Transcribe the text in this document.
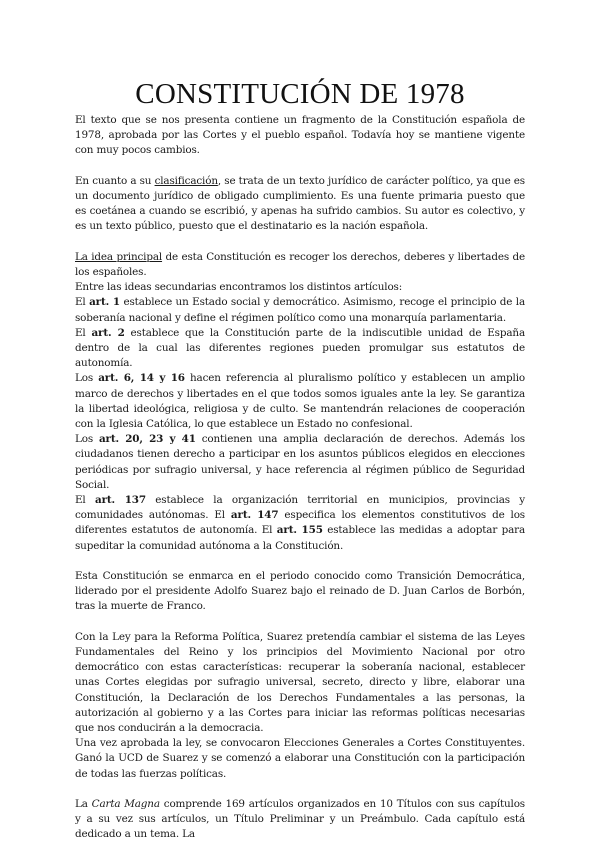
CONSTITUCIÓN DE 1978

El texto que se nos presenta contiene un fragmento de la Constitución española de 1978, aprobada por las Cortes y el pueblo español. Todavía hoy se mantiene vigente con muy pocos cambios.

En cuanto a su clasificación, se trata de un texto jurídico de carácter político, ya que es un documento jurídico de obligado cumplimiento. Es una fuente primaria puesto que es coetánea a cuando se escribió, y apenas ha sufrido cambios. Su autor es colectivo, y es un texto público, puesto que el destinatario es la nación española.

La idea principal de esta Constitución es recoger los derechos, deberes y libertades de los españoles.

Entre las ideas secundarias encontramos los distintos artículos:

El art. 1 establece un Estado social y democrático. Asimismo, recoge el principio de la soberanía nacional y define el régimen político como una monarquía parlamentaria.

El art. 2 establece que la Constitución parte de la indiscutible unidad de España dentro de la cual las diferentes regiones pueden promulgar sus estatutos de autonomía.

Los art. 6, 14 y 16 hacen referencia al pluralismo político y establecen un amplio marco de derechos y libertades en el que todos somos iguales ante la ley. Se garantiza la libertad ideológica, religiosa y de culto. Se mantendrán relaciones de cooperación con la Iglesia Católica, lo que establece un Estado no confesional.

Los art. 20, 23 y 41 contienen una amplia declaración de derechos. Además los ciudadanos tienen derecho a participar en los asuntos públicos elegidos en elecciones periódicas por sufragio universal, y hace referencia al régimen público de Seguridad Social.

El art. 137 establece la organización territorial en municipios, provincias y comunidades autónomas. El art. 147 especifica los elementos constitutivos de los diferentes estatutos de autonomía. El art. 155 establece las medidas a adoptar para supeditar la comunidad autónoma a la Constitución.

Esta Constitución se enmarca en el periodo conocido como Transición Democrática, liderado por el presidente Adolfo Suarez bajo el reinado de D. Juan Carlos de Borbón, tras la muerte de Franco.

Con la Ley para la Reforma Política, Suarez pretendía cambiar el sistema de las Leyes Fundamentales del Reino y los principios del Movimiento Nacional por otro democrático con estas características: recuperar la soberanía nacional, establecer unas Cortes elegidas por sufragio universal, secreto, directo y libre, elaborar una Constitución, la Declaración de los Derechos Fundamentales a las personas, la autorización al gobierno y a las Cortes para iniciar las reformas políticas necesarias que nos conducirán a la democracia.

Una vez aprobada la ley, se convocaron Elecciones Generales a Cortes Constituyentes. Ganó la UCD de Suarez y se comenzó a elaborar una Constitución con la participación de todas las fuerzas políticas.

La Carta Magna comprende 169 artículos organizados en 10 Títulos con sus capítulos y a su vez sus artículos, un Título Preliminar y un Preámbulo. Cada capítulo está dedicado a un tema. La
